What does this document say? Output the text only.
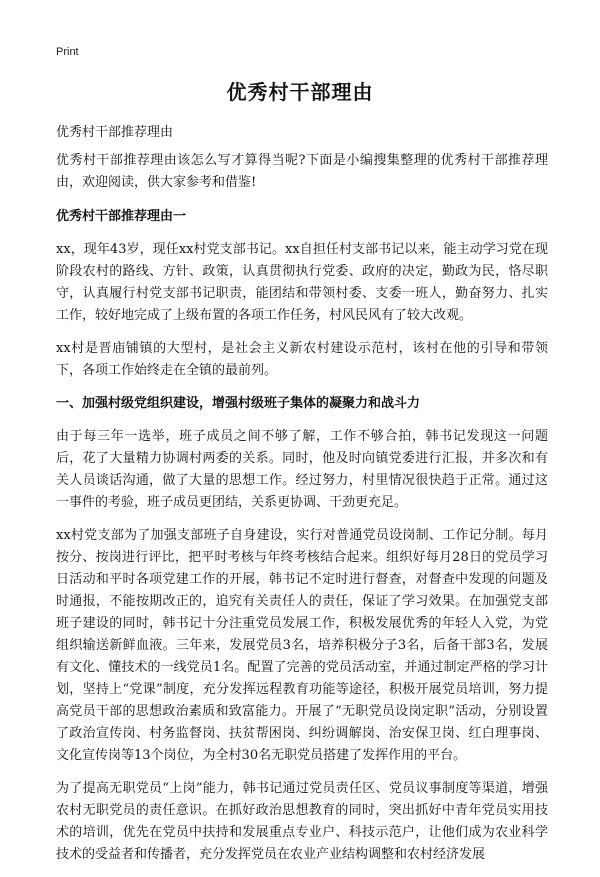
Print
优秀村干部理由

优秀村干部推荐理由

优秀村干部推荐理由该怎么写才算得当呢?下面是小编搜集整理的优秀村干部推荐理由，欢迎阅读，供大家参考和借鉴!

优秀村干部推荐理由一

xx，现年43岁，现任xx村党支部书记。xx自担任村支部书记以来，能主动学习党在现阶段农村的路线、方针、政策，认真贯彻执行党委、政府的决定，勤政为民，恪尽职守，认真履行村党支部书记职责，能团结和带领村委、支委一班人，勤奋努力、扎实工作，较好地完成了上级布置的各项工作任务，村风民风有了较大改观。

xx村是晋庙铺镇的大型村，是社会主义新农村建设示范村，该村在他的引导和带领下，各项工作始终走在全镇的最前列。

一、加强村级党组织建设，增强村级班子集体的凝聚力和战斗力

由于每三年一选举，班子成员之间不够了解，工作不够合拍，韩书记发现这一问题后，花了大量精力协调村两委的关系。同时，他及时向镇党委进行汇报，并多次和有关人员谈话沟通，做了大量的思想工作。经过努力，村里情况很快趋于正常。通过这一事件的考验，班子成员更团结，关系更协调、干劲更充足。

xx村党支部为了加强支部班子自身建设，实行对普通党员设岗制、工作记分制。每月按分、按岗进行评比，把平时考核与年终考核结合起来。组织好每月28日的党员学习日活动和平时各项党建工作的开展，韩书记不定时进行督查，对督查中发现的问题及时通报，不能按期改正的，追究有关责任人的责任，保证了学习效果。在加强党支部班子建设的同时，韩书记十分注重党员发展工作，积极发展优秀的年轻人入党，为党组织输送新鲜血液。三年来，发展党员3名，培养积极分子3名，后备干部3名，发展有文化、懂技术的一线党员1名。配置了完善的党员活动室，并通过制定严格的学习计划，坚持上“党课”制度，充分发挥远程教育功能等途径，积极开展党员培训，努力提高党员干部的思想政治素质和致富能力。开展了“无职党员设岗定职”活动，分别设置了政治宣传岗、村务监督岗、扶贫帮困岗、纠纷调解岗、治安保卫岗、红白理事岗、文化宣传岗等13个岗位，为全村30名无职党员搭建了发挥作用的平台。

为了提高无职党员“上岗”能力，韩书记通过党员责任区、党员议事制度等渠道，增强农村无职党员的责任意识。在抓好政治思想教育的同时，突出抓好中青年党员实用技术的培训，优先在党员中扶持和发展重点专业户、科技示范户，让他们成为农业科学技术的受益者和传播者，充分发挥党员在农业产业结构调整和农村经济发展
